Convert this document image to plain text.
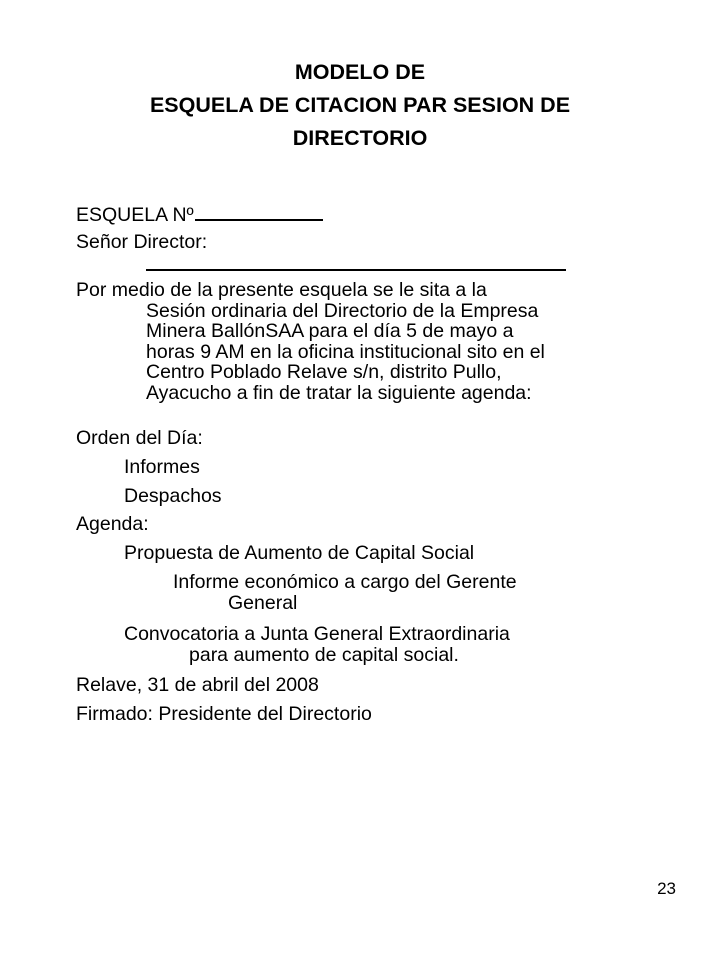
MODELO DE
ESQUELA DE CITACION PAR SESION DE
DIRECTORIO
ESQUELA Nº
Señor Director:
Por medio de la presente esquela se le sita a la
Sesión ordinaria del Directorio de la Empresa
Minera BallónSAA para el día 5 de mayo a
horas 9 AM en la oficina institucional sito en el
Centro Poblado Relave s/n, distrito Pullo,
Ayacucho a fin de tratar la siguiente agenda:
Orden del Día:
Informes
Despachos
Agenda:
Propuesta de Aumento de Capital Social
Informe económico a cargo del Gerente
General
Convocatoria a Junta General Extraordinaria
para aumento de capital social.
Relave, 31 de abril del 2008
Firmado: Presidente del Directorio
23
